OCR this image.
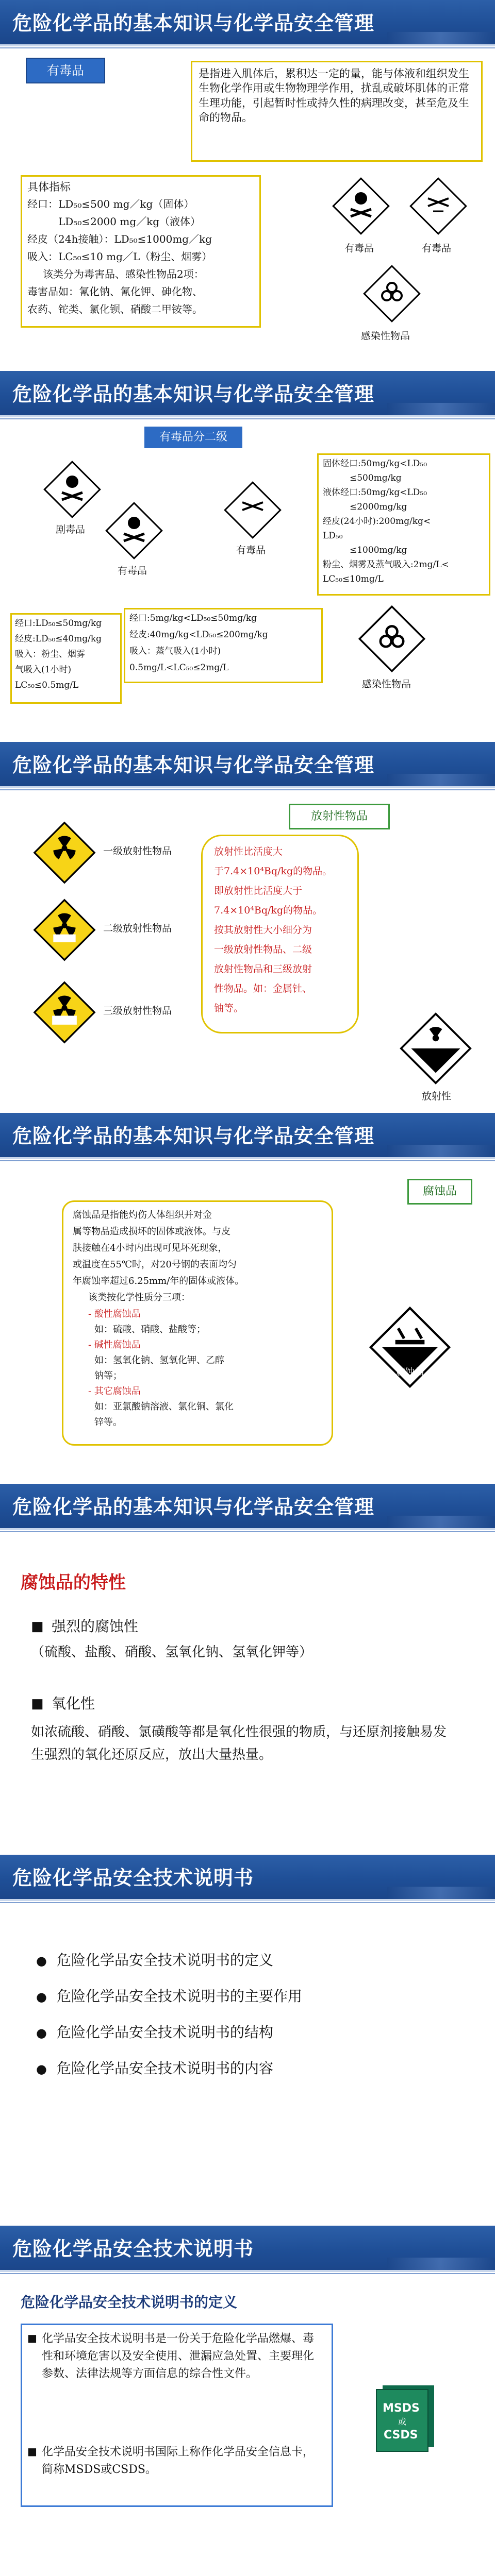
危险化学品的基本知识与化学品安全管理
有毒品	是指进入肌体后，累积达一定的量，能与体液和组织发生生物化学作用或生物物理学作用，扰乱或破坏肌体的正常生理功能，引起暂时性或持久性的病理改变，甚至危及生命的物品。
具体指标
经口：LD₅₀≤500 mg／kg（固体）
LD₅₀≤2000 mg／kg（液体）
经皮（24h接触）：LD₅₀≤1000mg／kg
吸入：LC₅₀≤10 mg／L（粉尘、烟雾）
该类分为毒害品、感染性物品2项：
毒害品如：氰化钠、氰化钾、砷化物、
农药、铊类、氯化钡、硝酸二甲铵等。
有毒品	有毒品
感染性物品
危险化学品的基本知识与化学品安全管理
有毒品分二级
剧毒品
有毒品
有毒品
感染性物品
固体经口:50mg/kg<LD₅₀
≤500mg/kg
液体经口:50mg/kg<LD₅₀
≤2000mg/kg
经皮(24小时):200mg/kg<
LD₅₀
≤1000mg/kg
粉尘、烟雾及蒸气吸入:2mg/L<
LC₅₀≤10mg/L
经口:LD₅₀≤50mg/kg
经皮:LD₅₀≤40mg/kg
吸入：粉尘、烟雾
气吸入(1小时)
LC₅₀≤0.5mg/L
经口:5mg/kg<LD₅₀≤50mg/kg
经皮:40mg/kg<LD₅₀≤200mg/kg
吸入：蒸气吸入(1小时)
0.5mg/L<LC₅₀≤2mg/L
危险化学品的基本知识与化学品安全管理
放射性物品
一级放射性物品
二级放射性物品
三级放射性物品
放射性比活度大
于7.4×10⁴Bq/kg的物品。
即放射性比活度大于
7.4×10⁴Bq/kg的物品。
按其放射性大小细分为
一级放射性物品、二级
放射性物品和三级放射
性物品。如：金属钍、
铀等。
放射性
危险化学品的基本知识与化学品安全管理
腐蚀品
腐蚀品是指能灼伤人体组织并对金
属等物品造成损坏的固体或液体。与皮
肤接触在4小时内出现可见坏死现象，
或温度在55℃时，对20号钢的表面均匀
年腐蚀率超过6.25mm/年的固体或液体。
该类按化学性质分三项：
- 酸性腐蚀品
如：硫酸、硝酸、盐酸等；
- 碱性腐蚀品
如：氢氧化钠、氢氧化钾、乙醇
钠等；
- 其它腐蚀品
如：亚氯酸钠溶液、氯化铜、氯化
锌等。
腐蚀品
危险化学品的基本知识与化学品安全管理
腐蚀品的特性
■ 强烈的腐蚀性
（硫酸、盐酸、硝酸、氢氧化钠、氢氧化钾等）
■ 氧化性
如浓硫酸、硝酸、氯磺酸等都是氧化性很强的物质，与还原剂接触易发生强烈的氧化还原反应，放出大量热量。
危险化学品安全技术说明书
● 危险化学品安全技术说明书的定义
● 危险化学品安全技术说明书的主要作用
● 危险化学品安全技术说明书的结构
● 危险化学品安全技术说明书的内容
危险化学品安全技术说明书
危险化学品安全技术说明书的定义
■ 化学品安全技术说明书是一份关于危险化学品燃爆、毒性和环境危害以及安全使用、泄漏应急处置、主要理化参数、法律法规等方面信息的综合性文件。
■ 化学品安全技术说明书国际上称作化学品安全信息卡，简称MSDS或CSDS。
MSDS
或
CSDS
